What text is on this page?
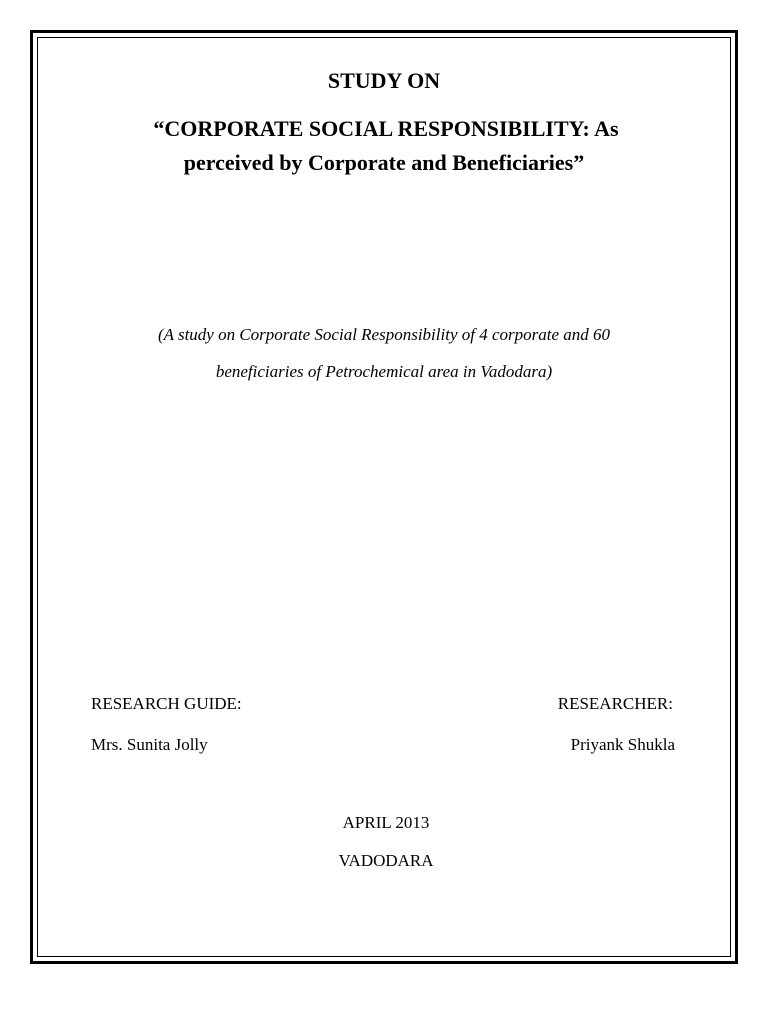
STUDY ON
“CORPORATE SOCIAL RESPONSIBILITY: As
perceived by Corporate and Beneficiaries”
(A study on Corporate Social Responsibility of 4 corporate and 60
beneficiaries of Petrochemical area in Vadodara)
RESEARCH GUIDE:
Mrs. Sunita Jolly
RESEARCHER:
Priyank Shukla
APRIL 2013
VADODARA
